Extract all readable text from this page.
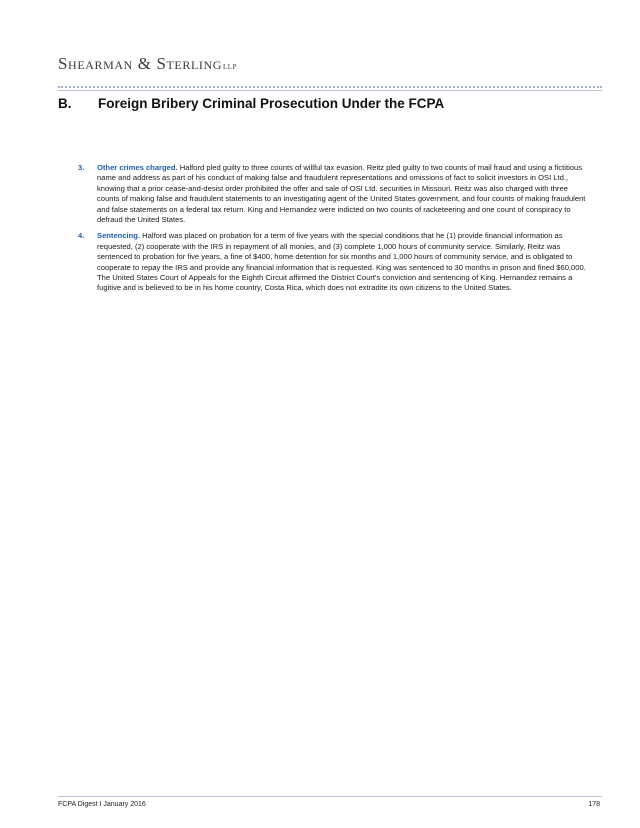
Shearman & SterlingLLP
B. Foreign Bribery Criminal Prosecution Under the FCPA
3.	Other crimes charged. Halford pled guilty to three counts of willful tax evasion. Reitz pled guilty to two counts of mail fraud and using a fictitious name and address as part of his conduct of making false and fraudulent representations and omissions of fact to solicit investors in OSI Ltd., knowing that a prior cease-and-desist order prohibited the offer and sale of OSI Ltd. securities in Missouri. Reitz was also charged with three counts of making false and fraudulent statements to an investigating agent of the United States government, and four counts of making fraudulent and false statements on a federal tax return. King and Hernandez were indicted on two counts of racketeering and one count of conspiracy to defraud the United States.
4.	Sentencing. Halford was placed on probation for a term of five years with the special conditions that he (1) provide financial information as requested, (2) cooperate with the IRS in repayment of all monies, and (3) complete 1,000 hours of community service. Similarly, Reitz was sentenced to probation for five years, a fine of $400, home detention for six months and 1,000 hours of community service, and is obligated to cooperate to repay the IRS and provide any financial information that is requested. King was sentenced to 30 months in prison and fined $60,000. The United States Court of Appeals for the Eighth Circuit affirmed the District Court's conviction and sentencing of King. Hernandez remains a fugitive and is believed to be in his home country, Costa Rica, which does not extradite its own citizens to the United States.
FCPA Digest I January 2016	178
